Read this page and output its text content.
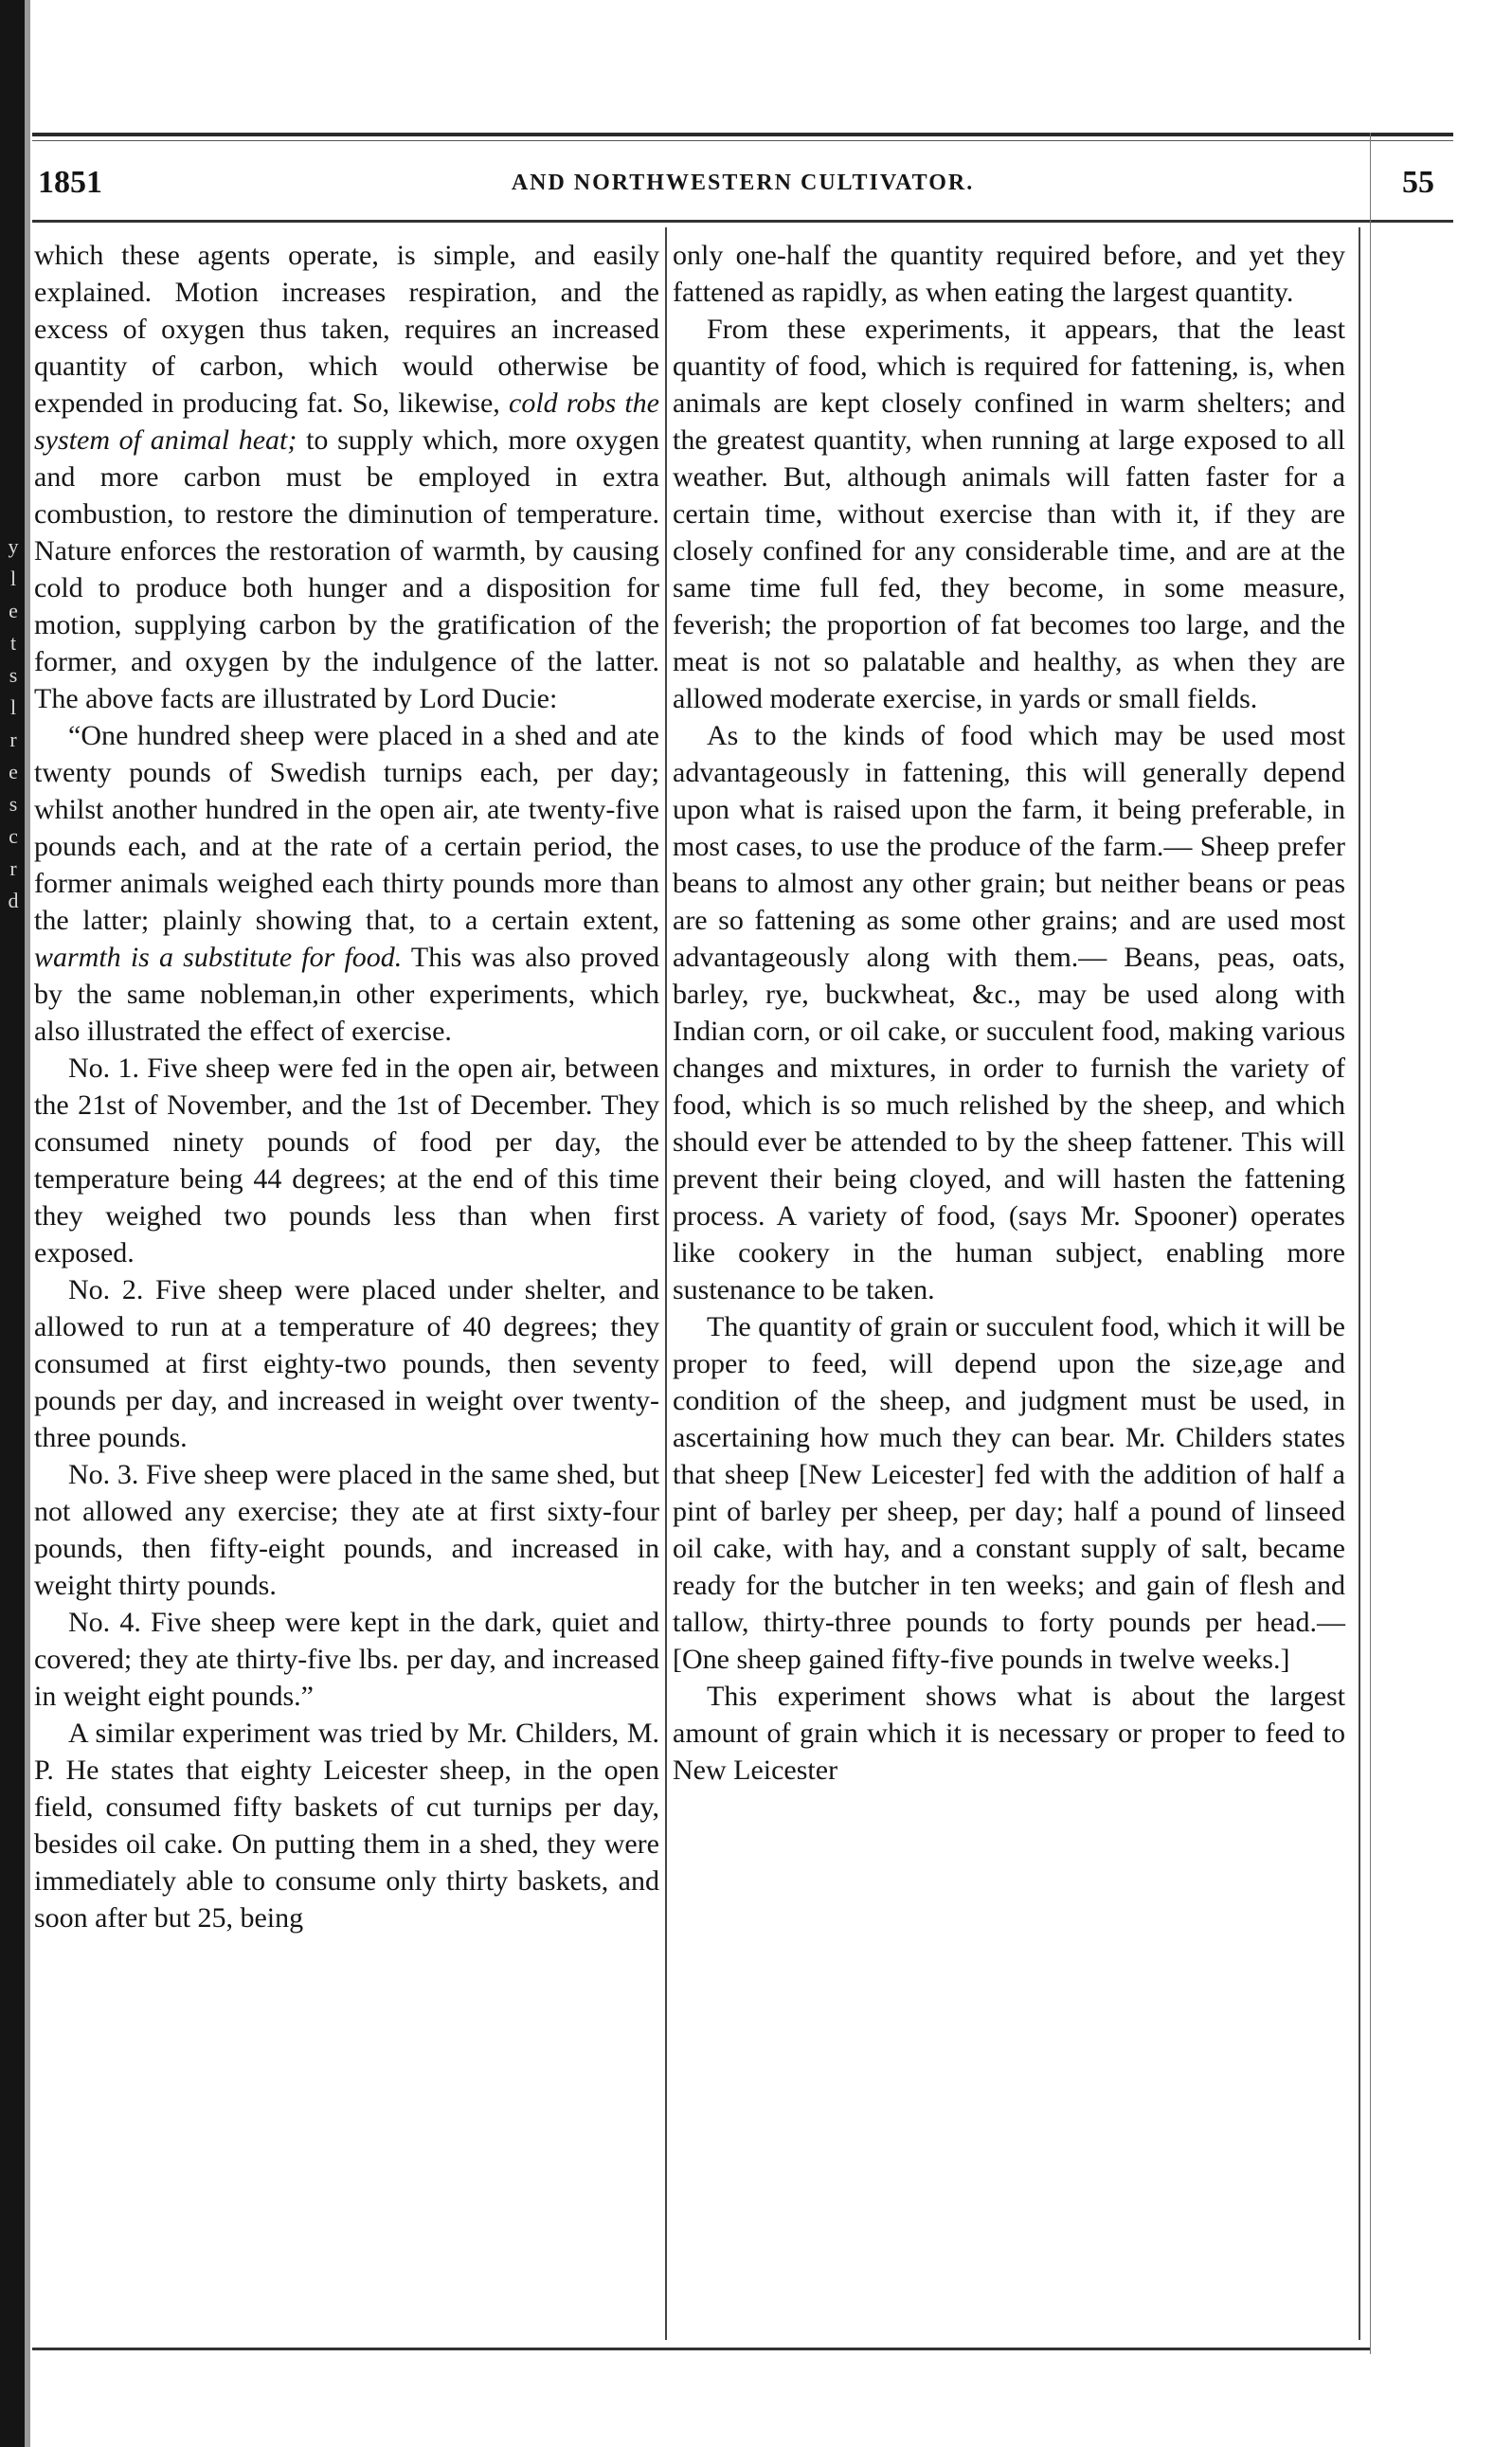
y
l
e
t
s
l
r
e
s
c
r
d
1851	AND NORTHWESTERN CULTIVATOR.	55

which these agents operate, is simple, and easily explained. Motion increases respiration, and the excess of oxygen thus taken, requires an increased quantity of carbon, which would otherwise be expended in producing fat. So, likewise, cold robs the system of animal heat; to supply which, more oxygen and more carbon must be employed in extra combustion, to restore the diminution of temperature. Nature enforces the restoration of warmth, by causing cold to produce both hunger and a disposition for motion, supplying carbon by the gratification of the former, and oxygen by the indulgence of the latter. The above facts are illustrated by Lord Ducie:

“One hundred sheep were placed in a shed and ate twenty pounds of Swedish turnips each, per day; whilst another hundred in the open air, ate twenty-five pounds each, and at the rate of a certain period, the former animals weighed each thirty pounds more than the latter; plainly showing that, to a certain extent, warmth is a substitute for food. This was also proved by the same nobleman,in other experiments, which also illustrated the effect of exercise.

No. 1. Five sheep were fed in the open air, between the 21st of November, and the 1st of December. They consumed ninety pounds of food per day, the temperature being 44 degrees; at the end of this time they weighed two pounds less than when first exposed.

No. 2. Five sheep were placed under shelter, and allowed to run at a temperature of 40 degrees; they consumed at first eighty-two pounds, then seventy pounds per day, and increased in weight over twenty-three pounds.

No. 3. Five sheep were placed in the same shed, but not allowed any exercise; they ate at first sixty-four pounds, then fifty-eight pounds, and increased in weight thirty pounds.

No. 4. Five sheep were kept in the dark, quiet and covered; they ate thirty-five lbs. per day, and increased in weight eight pounds.”

A similar experiment was tried by Mr. Childers, M. P. He states that eighty Leicester sheep, in the open field, consumed fifty baskets of cut turnips per day, besides oil cake. On putting them in a shed, they were immediately able to consume only thirty baskets, and soon after but 25, being

only one-half the quantity required before, and yet they fattened as rapidly, as when eating the largest quantity.

From these experiments, it appears, that the least quantity of food, which is required for fattening, is, when animals are kept closely confined in warm shelters; and the greatest quantity, when running at large exposed to all weather. But, although animals will fatten faster for a certain time, without exercise than with it, if they are closely confined for any considerable time, and are at the same time full fed, they become, in some measure, feverish; the proportion of fat becomes too large, and the meat is not so palatable and healthy, as when they are allowed moderate exercise, in yards or small fields.

As to the kinds of food which may be used most advantageously in fattening, this will generally depend upon what is raised upon the farm, it being preferable, in most cases, to use the produce of the farm.— Sheep prefer beans to almost any other grain; but neither beans or peas are so fattening as some other grains; and are used most advantageously along with them.— Beans, peas, oats, barley, rye, buckwheat, &c., may be used along with Indian corn, or oil cake, or succulent food, making various changes and mixtures, in order to furnish the variety of food, which is so much relished by the sheep, and which should ever be attended to by the sheep fattener. This will prevent their being cloyed, and will hasten the fattening process. A variety of food, (says Mr. Spooner) operates like cookery in the human subject, enabling more sustenance to be taken.

The quantity of grain or succulent food, which it will be proper to feed, will depend upon the size,age and condition of the sheep, and judgment must be used, in ascertaining how much they can bear. Mr. Childers states that sheep [New Leicester] fed with the addition of half a pint of barley per sheep, per day; half a pound of linseed oil cake, with hay, and a constant supply of salt, became ready for the butcher in ten weeks; and gain of flesh and tallow, thirty-three pounds to forty pounds per head.— [One sheep gained fifty-five pounds in twelve weeks.]

This experiment shows what is about the largest amount of grain which it is necessary or proper to feed to New Leicester
